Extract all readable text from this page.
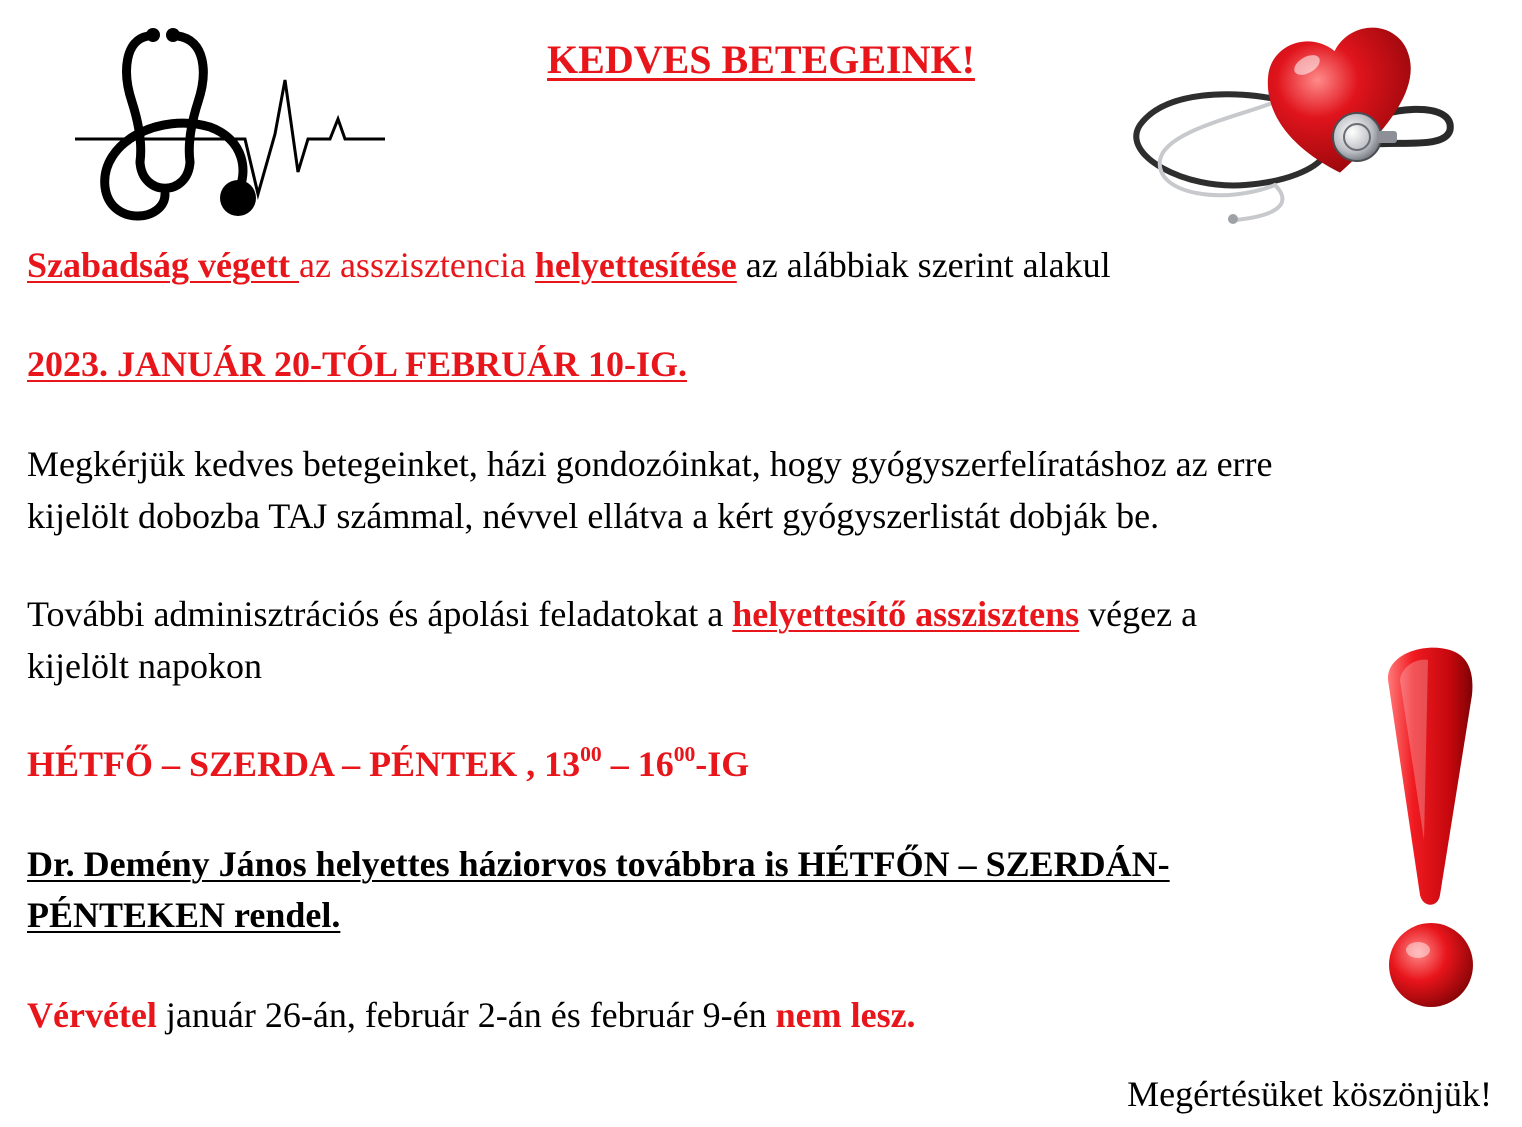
KEDVES BETEGEINK!
Szabadság végett az asszisztencia helyettesítése az alábbiak szerint alakul
2023. JANUÁR 20-TÓL FEBRUÁR 10-IG.
Megkérjük kedves betegeinket, házi gondozóinkat, hogy gyógyszerfelíratáshoz az erre
kijelölt dobozba TAJ számmal, névvel ellátva a kért gyógyszerlistát dobják be.
További adminisztrációs és ápolási feladatokat a helyettesítő asszisztens végez a
kijelölt napokon
HÉTFŐ – SZERDA – PÉNTEK , $13^{00} - 16^{00}-IG$
Dr. Demény János helyettes háziorvos továbbra is HÉTFŐN – SZERDÁN-
PÉNTEKEN rendel.
Vérvétel január 26-án, február 2-án és február 9-én nem lesz.
Megértésüket köszönjük!
